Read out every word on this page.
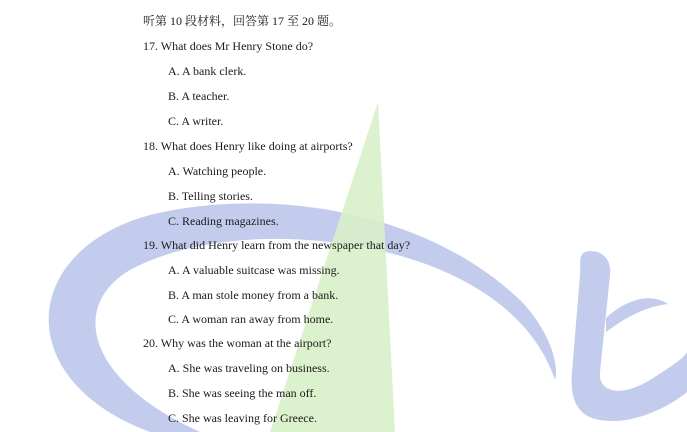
听第 10 段材料，回答第 17 至 20 题。
17. What does Mr Henry Stone do?
A. A bank clerk.
B. A teacher.
C. A writer.
18. What does Henry like doing at airports?
A. Watching people.
B. Telling stories.
C. Reading magazines.
19. What did Henry learn from the newspaper that day?
A. A valuable suitcase was missing.
B. A man stole money from a bank.
C. A woman ran away from home.
20. Why was the woman at the airport?
A. She was traveling on business.
B. She was seeing the man off.
C. She was leaving for Greece.
